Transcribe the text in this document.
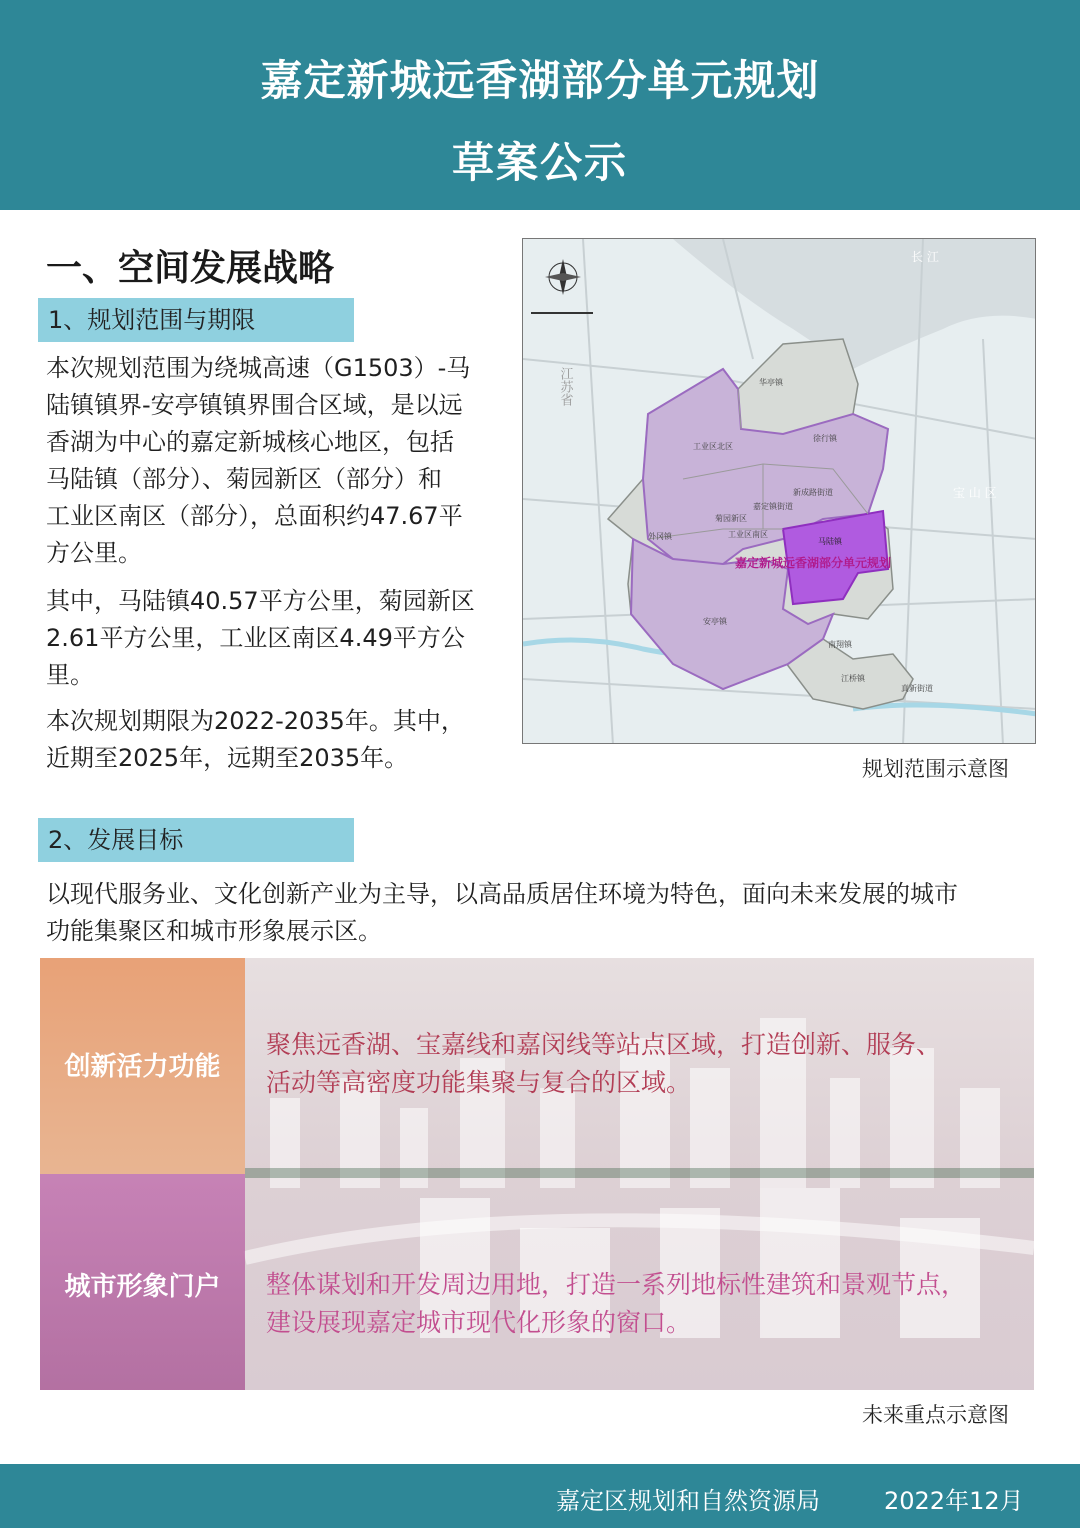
嘉定新城远香湖部分单元规划
草案公示
一、空间发展战略
1、规划范围与期限
本次规划范围为绕城高速（G1503）-马
陆镇镇界-安亭镇镇界围合区域，是以远
香湖为中心的嘉定新城核心地区，包括
马陆镇（部分）、菊园新区（部分）和
工业区南区（部分），总面积约47.67平
方公里。
其中，马陆镇40.57平方公里，菊园新区
2.61平方公里，工业区南区4.49平方公
里。
本次规划期限为2022-2035年。其中，
近期至2025年，远期至2035年。
长 江
江苏省	华亭镇
工业区北区
徐行镇
嘉定镇街道
新成路街道
菊园新区
工业区南区
马陆镇
外冈镇
嘉定新城远香湖部分单元规划
安亭镇
南翔镇
江桥镇
真新街道
宝 山 区
规划范围示意图
2、发展目标
以现代服务业、文化创新产业为主导，以高品质居住环境为特色，面向未来发展的城市
功能集聚区和城市形象展示区。
创新活力功能
城市形象门户
聚焦远香湖、宝嘉线和嘉闵线等站点区域，打造创新、服务、
活动等高密度功能集聚与复合的区域。
整体谋划和开发周边用地，打造一系列地标性建筑和景观节点，
建设展现嘉定城市现代化形象的窗口。
未来重点示意图
嘉定区规划和自然资源局	2022年12月
